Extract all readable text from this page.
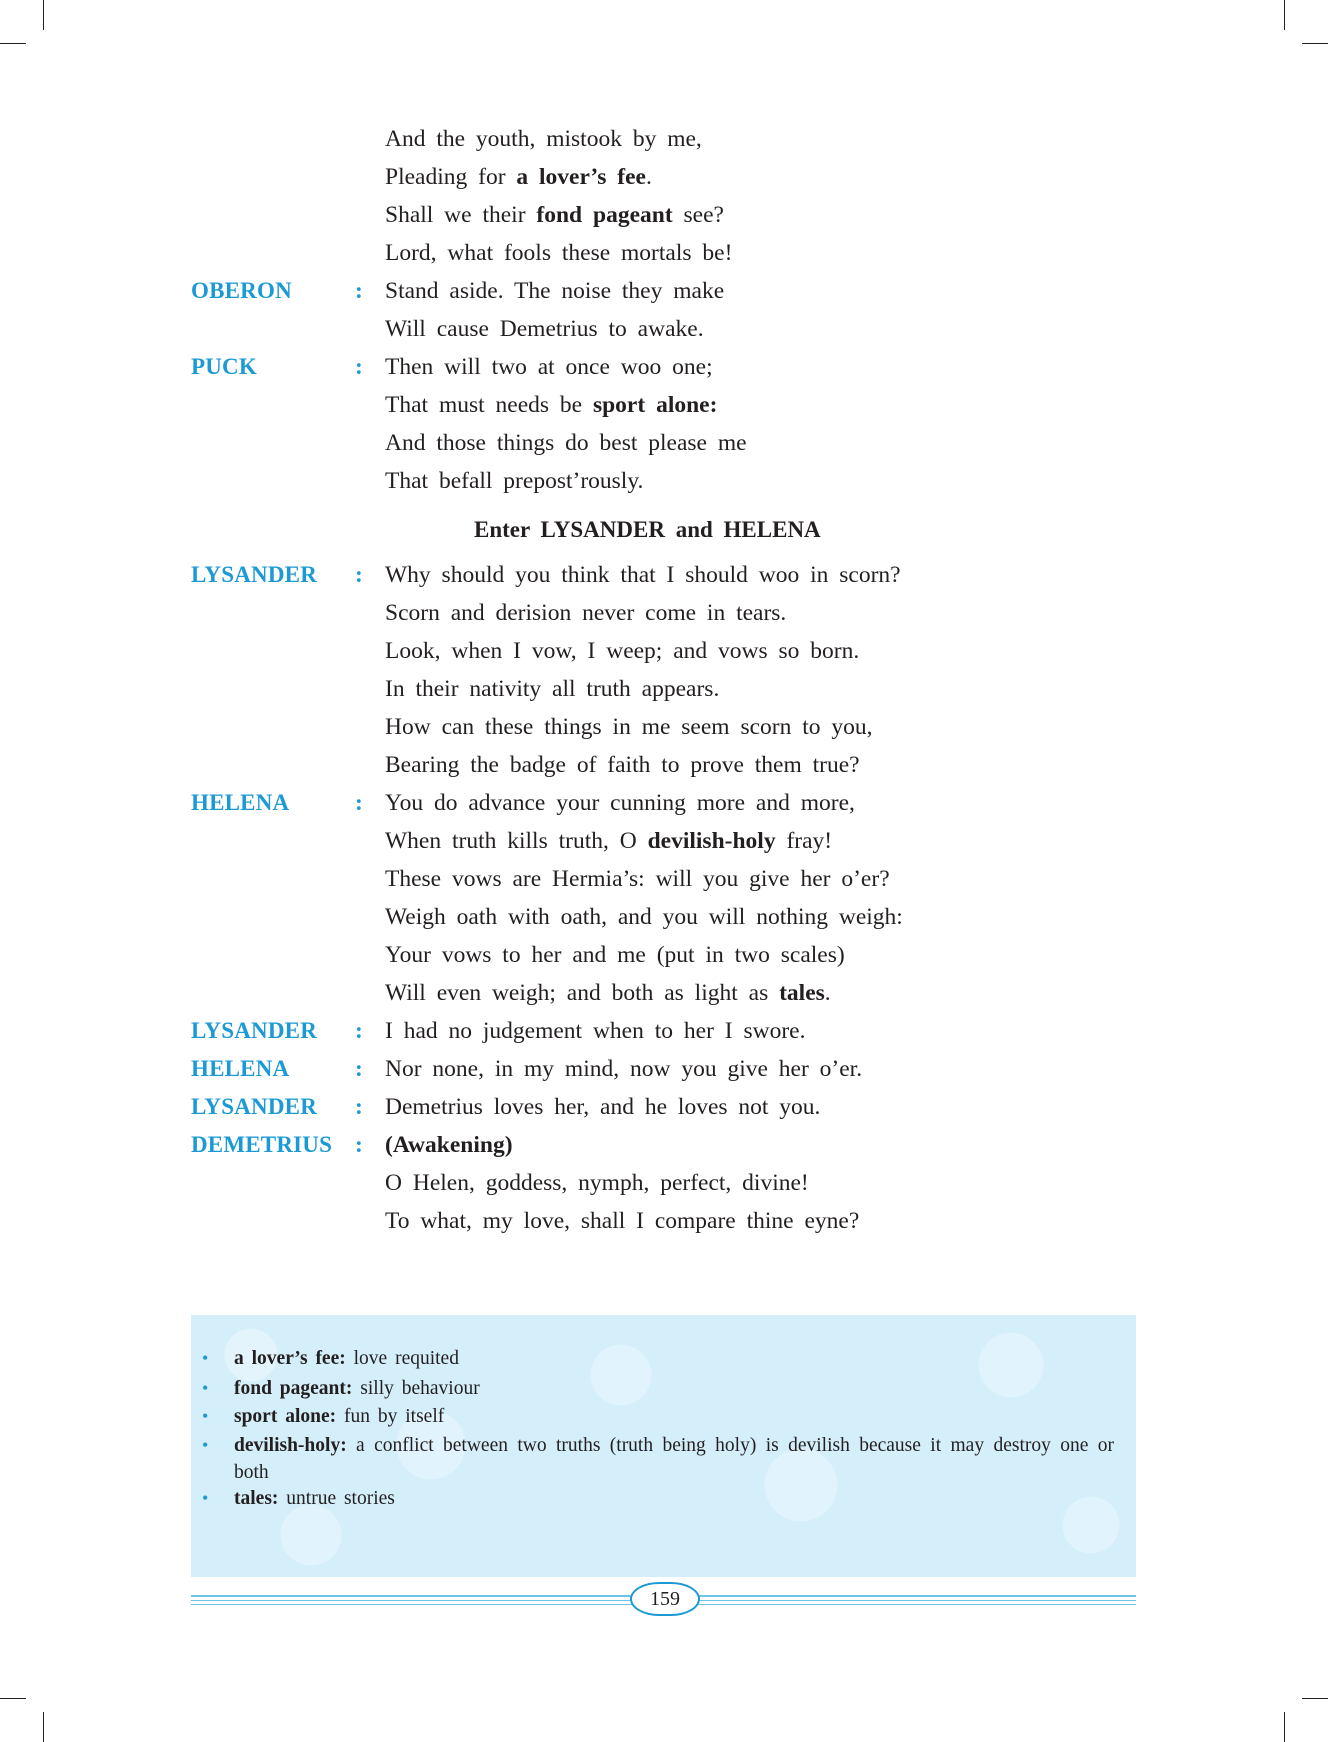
And the youth, mistook by me,
Pleading for a lover’s fee.
Shall we their fond pageant see?
Lord, what fools these mortals be!
OBERON	: Stand aside. The noise they make
Will cause Demetrius to awake.
PUCK	: Then will two at once woo one;
That must needs be sport alone:
And those things do best please me
That befall prepost’rously.
Enter LYSANDER and HELENA
LYSANDER : Why should you think that I should woo in scorn?
Scorn and derision never come in tears.
Look, when I vow, I weep; and vows so born.
In their nativity all truth appears.
How can these things in me seem scorn to you,
Bearing the badge of faith to prove them true?
HELENA	: You do advance your cunning more and more,
When truth kills truth, O devilish-holy fray!
These vows are Hermia’s: will you give her o’er?
Weigh oath with oath, and you will nothing weigh:
Your vows to her and me (put in two scales)
Will even weigh; and both as light as tales.
LYSANDER : I had no judgement when to her I swore.
HELENA	: Nor none, in my mind, now you give her o’er.
LYSANDER : Demetrius loves her, and he loves not you.
DEMETRIUS : (Awakening)
O Helen, goddess, nymph, perfect, divine!
To what, my love, shall I compare thine eyne?
• a lover’s fee: love requited
• fond pageant: silly behaviour
• sport alone: fun by itself
• devilish-holy: a conflict between two truths (truth being holy) is devilish because it may destroy one or both
• tales: untrue stories
159
